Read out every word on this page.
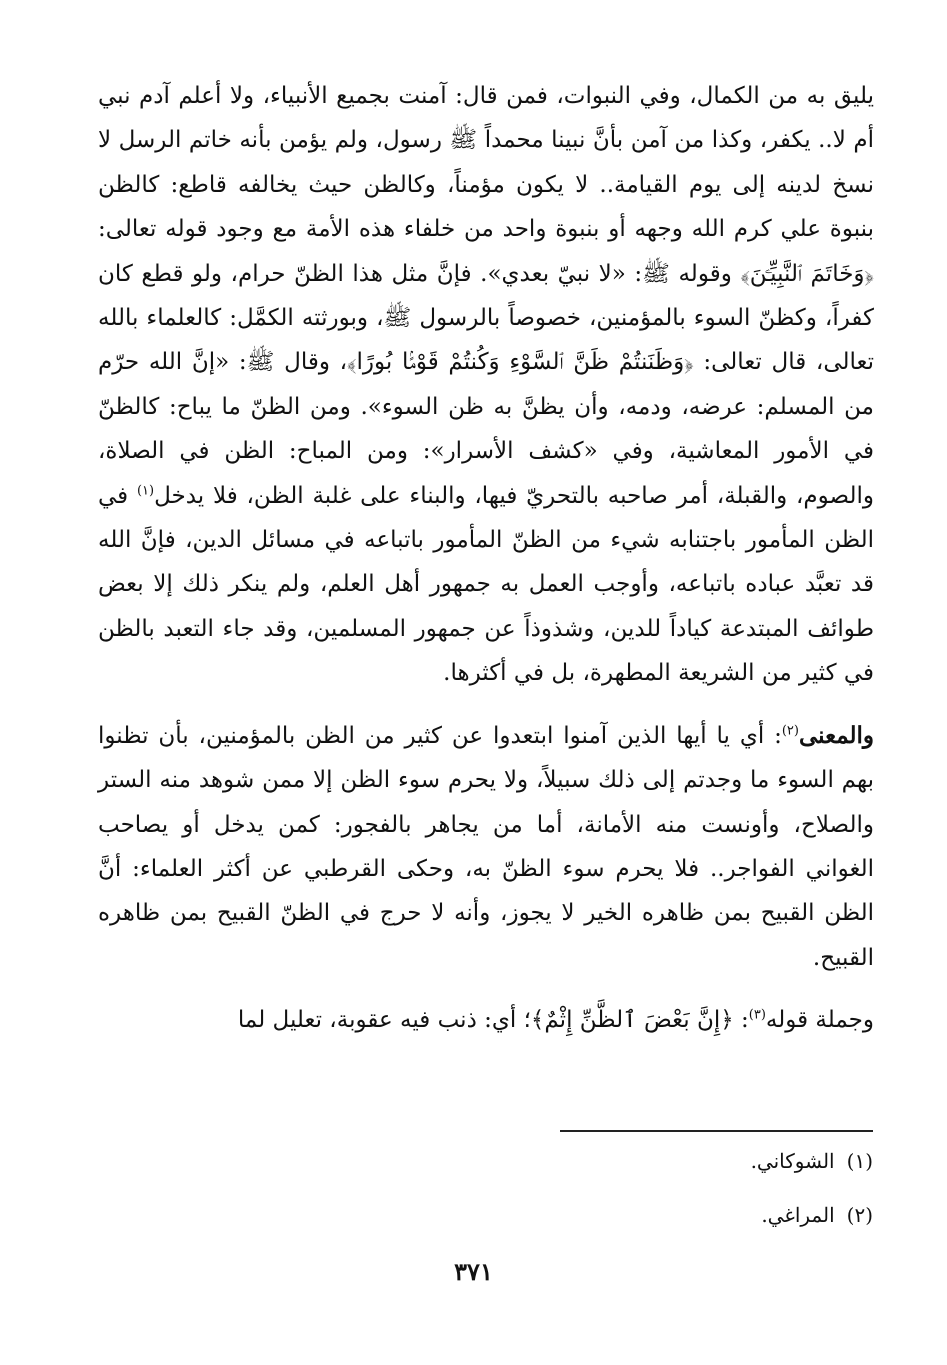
يليق به من الكمال، وفي النبوات، فمن قال: آمنت بجميع الأنبياء، ولا أعلم آدم نبي أم لا.. يكفر، وكذا من آمن بأنَّ نبينا محمداً ﷺ رسول، ولم يؤمن بأنه خاتم الرسل لا نسخ لدينه إلى يوم القيامة.. لا يكون مؤمناً، وكالظن حيث يخالفه قاطع: كالظن بنبوة علي كرم الله وجهه أو بنبوة واحد من خلفاء هذه الأمة مع وجود قوله تعالى: ﴿وَخَاتَمَ ٱلنَّبِيِّـۧنَ﴾ وقوله ﷺ: «لا نبيّ بعدي». فإنَّ مثل هذا الظنّ حرام، ولو قطع كان كفراً، وكظنّ السوء بالمؤمنين، خصوصاً بالرسول ﷺ، وبورثته الكمَّل: كالعلماء بالله تعالى، قال تعالى: ﴿وَظَنَنتُمْ ظَنَّ ٱلسَّوْءِ وَكُنتُمْ قَوْمًۢا بُورًا﴾، وقال ﷺ: «إنَّ الله حرّم من المسلم: عرضه، ودمه، وأن يظنَّ به ظن السوء». ومن الظنّ ما يباح: كالظنّ في الأمور المعاشية، وفي «كشف الأسرار»: ومن المباح: الظن في الصلاة، والصوم، والقبلة، أمر صاحبه بالتحريّ فيها، والبناء على غلبة الظن، فلا يدخل$^{(١)}$ في الظن المأمور باجتنابه شيء من الظنّ المأمور باتباعه في مسائل الدين، فإنَّ الله قد تعبَّد عباده باتباعه، وأوجب العمل به جمهور أهل العلم، ولم ينكر ذلك إلا بعض طوائف المبتدعة كياداً للدين، وشذوذاً عن جمهور المسلمين، وقد جاء التعبد بالظن في كثير من الشريعة المطهرة، بل في أكثرها.

والمعنى$^{(٢)}$: أي يا أيها الذين آمنوا ابتعدوا عن كثير من الظن بالمؤمنين، بأن تظنوا بهم السوء ما وجدتم إلى ذلك سبيلاً، ولا يحرم سوء الظن إلا ممن شوهد منه الستر والصلاح، وأونست منه الأمانة، أما من يجاهر بالفجور: كمن يدخل أو يصاحب الغواني الفواجر.. فلا يحرم سوء الظنّ به، وحكى القرطبي عن أكثر العلماء: أنَّ الظن القبيح بمن ظاهره الخير لا يجوز، وأنه لا حرج في الظنّ القبيح بمن ظاهره القبيح.

وجملة قوله$^{(٣)}$: ﴿إِنَّ بَعْضَ ٱلظَّنِّ إِثْمٌ﴾؛ أي: ذنب فيه عقوبة، تعليل لما

(١)الشوكاني.

(٢)المراغي.

٣٧١
